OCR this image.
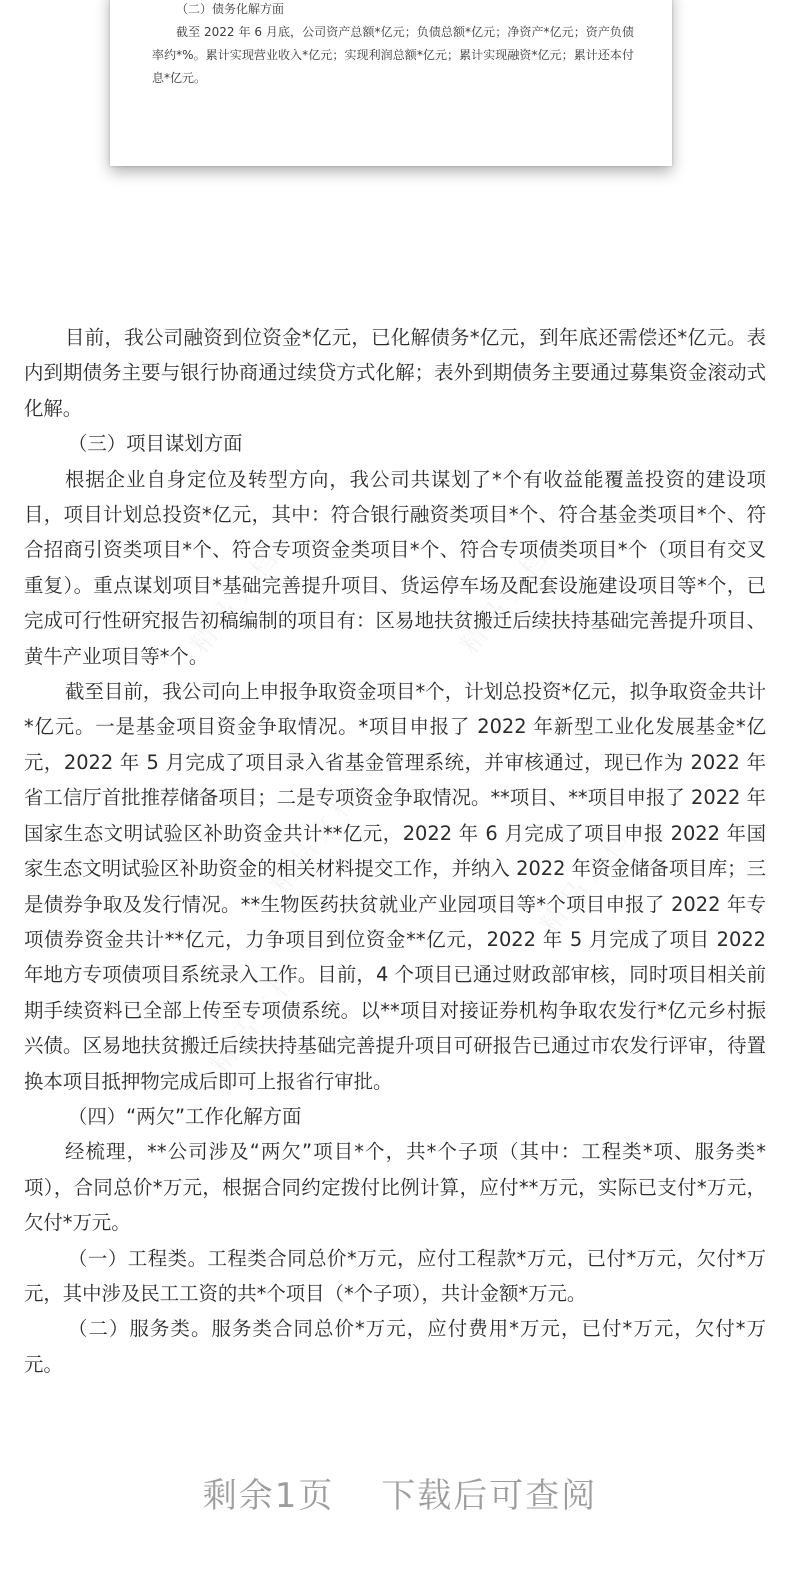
（二）债务化解方面

截至 2022 年 6 月底，公司资产总额*亿元；负债总额*亿元；净资产*亿元；资产负债率约*%。累计实现营业收入*亿元；实现利润总额*亿元；累计实现融资*亿元；累计还本付息*亿元。

目前，我公司融资到位资金*亿元，已化解债务*亿元，到年底还需偿还*亿元。表内到期债务主要与银行协商通过续贷方式化解；表外到期债务主要通过募集资金滚动式化解。

（三）项目谋划方面

根据企业自身定位及转型方向，我公司共谋划了*个有收益能覆盖投资的建设项目，项目计划总投资*亿元，其中：符合银行融资类项目*个、符合基金类项目*个、符合招商引资类项目*个、符合专项资金类项目*个、符合专项债类项目*个（项目有交叉重复）。重点谋划项目*基础完善提升项目、货运停车场及配套设施建设项目等*个，已完成可行性研究报告初稿编制的项目有：区易地扶贫搬迁后续扶持基础完善提升项目、黄牛产业项目等*个。

截至目前，我公司向上申报争取资金项目*个，计划总投资*亿元，拟争取资金共计*亿元。一是基金项目资金争取情况。*项目申报了 2022 年新型工业化发展基金*亿元，2022 年 5 月完成了项目录入省基金管理系统，并审核通过，现已作为 2022 年省工信厅首批推荐储备项目；二是专项资金争取情况。**项目、**项目申报了 2022 年国家生态文明试验区补助资金共计**亿元，2022 年 6 月完成了项目申报 2022 年国家生态文明试验区补助资金的相关材料提交工作，并纳入 2022 年资金储备项目库；三是债券争取及发行情况。**生物医药扶贫就业产业园项目等*个项目申报了 2022 年专项债券资金共计**亿元，力争项目到位资金**亿元，2022 年 5 月完成了项目 2022 年地方专项债项目系统录入工作。目前，4 个项目已通过财政部审核，同时项目相关前期手续资料已全部上传至专项债系统。以**项目对接证券机构争取农发行*亿元乡村振兴债。区易地扶贫搬迁后续扶持基础完善提升项目可研报告已通过市农发行评审，待置换本项目抵押物完成后即可上报省行审批。

（四）“两欠”工作化解方面

经梳理，**公司涉及“两欠”项目*个，共*个子项（其中：工程类*项、服务类*项），合同总价*万元，根据合同约定拨付比例计算，应付**万元，实际已支付*万元，欠付*万元。

（一）工程类。工程类合同总价*万元，应付工程款*万元，已付*万元，欠付*万元，其中涉及民工工资的共*个项目（*个子项），共计金额*万元。

（二）服务类。服务类合同总价*万元，应付费用*万元，已付*万元，欠付*万元。

剩余1页 下载后可查阅
